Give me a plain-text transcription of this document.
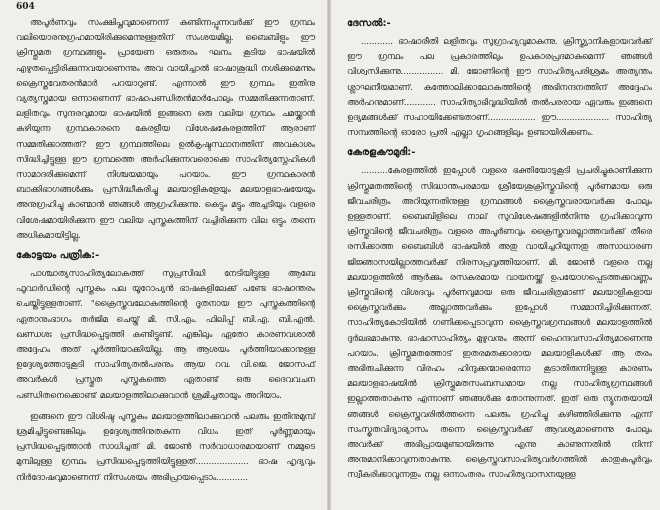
604

അപൂർണവും സംക്ഷിപ്തവുമാണെന്ന് കുണ്ടിന്നപ്പുന്നവർക്ക് ഈ ഗ്രന്ഥം വലിയൊരനുഗ്രഹമായിരിക്കുമെന്നുള്ളതിന് സംശയമില്ല. ബൈബിളും ഈ ക്രിസ്തുമത ഗ്രന്ഥങ്ങളും പ്രായേണ ഒരുതരം ഘനം കൂടിയ ഭാഷയിൽ എഴുതപ്പെട്ടിരിക്കുന്നവയാണെന്നും അവ വായിച്ചാൽ ഭാഷാശുദ്ധി നശിക്കുമെന്നും ക്രൈസ്തവേതരൻമാർ പറയാറുണ്ട്. എന്നാൽ ഈ ഗ്രന്ഥം ഇതിനു വ്യത്യസ്തമായ ഒന്നാണെന്ന് ഭാഷാപണ്ഡിതൻമാർപോലും സമ്മതിക്കുന്നതാണ്. ലളിതവും സുന്ദരവുമായ ഭാഷയിൽ ഇങ്ങനെ ഒരു വലിയ ഗ്രന്ഥം ചമയ്ക്കാൻ കഴിയുന്ന ഗ്രന്ഥകാരനെ കേരളീയ വിശേഷകേരളത്തിന് ആരാണ് സമ്മതിക്കാത്തത്? ഈ ഗ്രന്ഥത്തിലെ ഉൽകൃഷ്ടസ്ഥാനത്തിന് അവകാശം സിദ്ധിച്ചിട്ടുള്ള ഈ ഗ്രന്ഥത്തെ അർഹിക്കുന്നവരൊക്കെ സാഹിത്യസ്നേഹികൾ സാമാദരിക്കുമെന്ന് നിശ്ചയമായും പറയാം. ഈ ഗ്രന്ഥകാരൻ ബാക്കിഭാഗങ്ങൾക്കും പ്രസിദ്ധീകരിച്ചു മലയാളികളേയും മലയാളഭാഷയേയും അനുഗ്രഹിച്ചു കാണ്മാൻ ഞങ്ങൾ ആഗ്രഹിക്കുന്നു. കെട്ടും മട്ടും അച്ചടിയും വളരെ വിശേഷമായിരിക്കുന്ന ഈ വലിയ പുസ്തകത്തിന് വച്ചിരിക്കുന്ന വില ഒട്ടും തന്നെ അധികമായിട്ടില്ല.

കോട്ടയം പത്രിക:-

പാശ്ചാത്യസാഹിത്യലോകത്ത് സുപ്രസിദ്ധി നേടിയിട്ടുള്ള ആബേ ഫൂവാർഡിന്റെ പുസ്തകം പല യൂറോപ്യൻ ഭാഷകളിലേക്ക് പണ്ടേ ഭാഷാന്തരം ചെയ്തിട്ടുള്ളതാണ്. "ക്രൈസ്തവലോകത്തിന്റെ ദൂതനായ ഈ പുസ്തകത്തിന്റെ ഏതാനുംഭാഗം തർജിമ ചെയ്ത് മി. സി.എം. ഫിലിപ്പ് ബി.എ. ബി.എൽ. ഖണ്ഡശഃ പ്രസിദ്ധപ്പെടുത്തി കണ്ടിട്ടുണ്ട്. എങ്കിലും ഏതോ കാരണവശാൽ അദ്ദേഹം അത് പൂർത്തിയാക്കിയില്ല. ആ ആശയം പൂർത്തിയാക്കാനുള്ള ഉദ്ദേശ്യത്തോടുകൂടി സാഹിത്യതൽപരനും ആയ റവ. വി.ജെ. ജോസഫ് അവർകൾ പ്രസ്തുത പുസ്തകത്തെ ഏതാണ്ട് ഒരു ദൈവവചന പണ്ഡിതനെക്കൊണ്ട് മലയാളത്തിലാക്കുവാൻ ശ്രമിച്ചതായും അറിയാം.

ഇങ്ങനെ ഈ വിശിഷ്ട പുസ്തകം മലയാളത്തിലാക്കുവാൻ പലരും ഇതിനുമുമ്പ് ശ്രമിച്ചിട്ടുണ്ടെങ്കിലും ഉദ്ദേശ്യത്തിനുതകുന്ന വിധം ഇത് പൂർണ്ണമായും പ്രസിദ്ധപ്പെടുത്താൻ സാധിച്ചത് മി. ജോൺ സർവാധാരമായാണ് നമ്മുടെ മുമ്പിലുള്ള ഗ്രന്ഥം പ്രസിദ്ധപ്പെടുത്തിയിട്ടുള്ളത്.................... ഭാഷ ഹൃദ്യവും നിർദോഷവുമാണെന്ന് നിസംശയം അഭിപ്രായപ്പെടാം............

ദേസൽ:-

............ ഭാഷാരീതി ലളിതവും സുഗ്രാഹ്യവുമാകുന്നു. ക്രിസ്ത്യാനികളായവർക്ക് ഈ ഗ്രന്ഥം പല പ്രകാരത്തിലും ഉപകാരപ്രദമാകുമെന്ന് ഞങ്ങൾ വിശ്വസിക്കുന്നു................ മി. ജോണിന്റെ ഈ സാഹിത്യപരിശ്രമം അത്യന്തം ശ്ലാഘനീയമാണ്. കത്തോലിക്കാലോകത്തിന്റെ അഭിനന്ദനത്തിന് അദ്ദേഹം അർഹനുമാണ്............ സാഹിത്യാഭിവൃദ്ധിയിൽ തൽപരരായ ഏവരും ഇങ്ങനെ ഉദ്യമങ്ങൾക്ക് സഹായിക്കേണ്ടതാണ്.................. ഈ.................... സാഹിത്യ സമ്പത്തിന്റെ ഓരോ പ്രതി എല്ലാ ഗൃഹങ്ങളിലും ഉണ്ടായിരിക്കണം.

കേരളകൗമുദി:-

..........കേരളത്തിൽ ഇപ്പോൾ വളരെ ഭക്തിയോടുകൂടി പ്രചരിച്ചുകാണിക്കുന്ന ക്രിസ്തുമതത്തിന്റെ സിദ്ധാന്തപരമായ ശ്രീയേശുക്രിസ്തുവിന്റെ പൂർണമായ ഒരു ജീവചരിത്രം അറിയുന്നതിനുള്ള ഗ്രന്ഥങ്ങൾ ക്രൈസ്തവരായവർക്കു പോലും ഉള്ളതാണ്. ബൈബിളിലെ നാല് സുവിശേഷങ്ങളിൽനിന്നു ഗ്രഹിക്കാവുന്ന ക്രിസ്തുവിന്റെ ജീവചരിത്രം വളരെ അപൂർണവും ക്രൈസ്തവരല്ലാത്തവർക്ക് തീരെ രസിക്കാത്ത ബൈബിൾ ഭാഷയിൽ അതു വായിച്ചറിയുന്നതു അസാധാരണ ജിജ്ഞാസയില്ലാത്തവർക്ക് നിരസപ്രവൃത്തിയാണ്. മി. ജോൺ വളരെ നല്ല മലയാളത്തിൽ ആർക്കും രസകരമായ വായനയ്ക്ക് ഉപയോഗപ്പെടത്തക്കവണ്ണം ക്രിസ്തുവിന്റെ വിശദവും പൂർണവുമായ ഒരു ജീവചരിത്രമാണ് മലയാളികളായ ക്രൈസ്തവർക്കും അല്ലാത്തവർക്കും ഇപ്പോൾ സമ്മാനിച്ചിരിക്കുന്നത്. സാഹിത്യകോടിയിൽ ഗണിക്കപ്പെടാവുന്ന ക്രൈസ്തവഗ്രന്ഥങ്ങൾ മലയാളത്തിൽ ദുർലഭമാകുന്നു. ഭാഷാസാഹിത്യം മുഴുവനും അന്ന് ഹൈന്ദവസാഹിത്യമാണെന്നു പറയാം. ക്രിസ്തുമതത്തോട് ഇതരമതക്കാരായ മലയാളികൾക്ക് ആ തരം അഭിരുചിക്കുന്ന വിരഹം ഹിന്ദുക്കന്മാരെന്നോ കൂടാതിരുന്നിട്ടുള്ള കാരണം മലയാളഭാഷയിൽ ക്രിസ്തുമതസംബന്ധമായ നല്ല സാഹിത്യഗ്രന്ഥങ്ങൾ ഇല്ലാത്തതാകുന്നു എന്നാണ് ഞങ്ങൾക്കു തോന്നുന്നത്. ഇത് ഒരു ന്യൂനതയായി ഞങ്ങൾ ക്രൈസ്തവരിൽത്തന്നെ പലരും ഗ്രഹിച്ചു കഴിഞ്ഞിരിക്കുന്നു എന്ന് സംസ്കൃതവിദ്യാഭ്യാസം തന്നെ ക്രൈസ്തവർക്ക് ആവശ്യമാണെന്നു പോലും അവർക്ക് അഭിപ്രായമുണ്ടായിരുന്നു എന്നു കാണുന്നതിൽ നിന്ന് അനുമാനിക്കാവുന്നതാകുന്നു. ക്രൈസ്തവസാഹിത്യവർഗത്തിൽ കാതുകപൂർവ്വം സ്വീകരിക്കാവുന്നതും നല്ല ഒന്നാംതരം സാഹിത്യവാസനയുള്ള
